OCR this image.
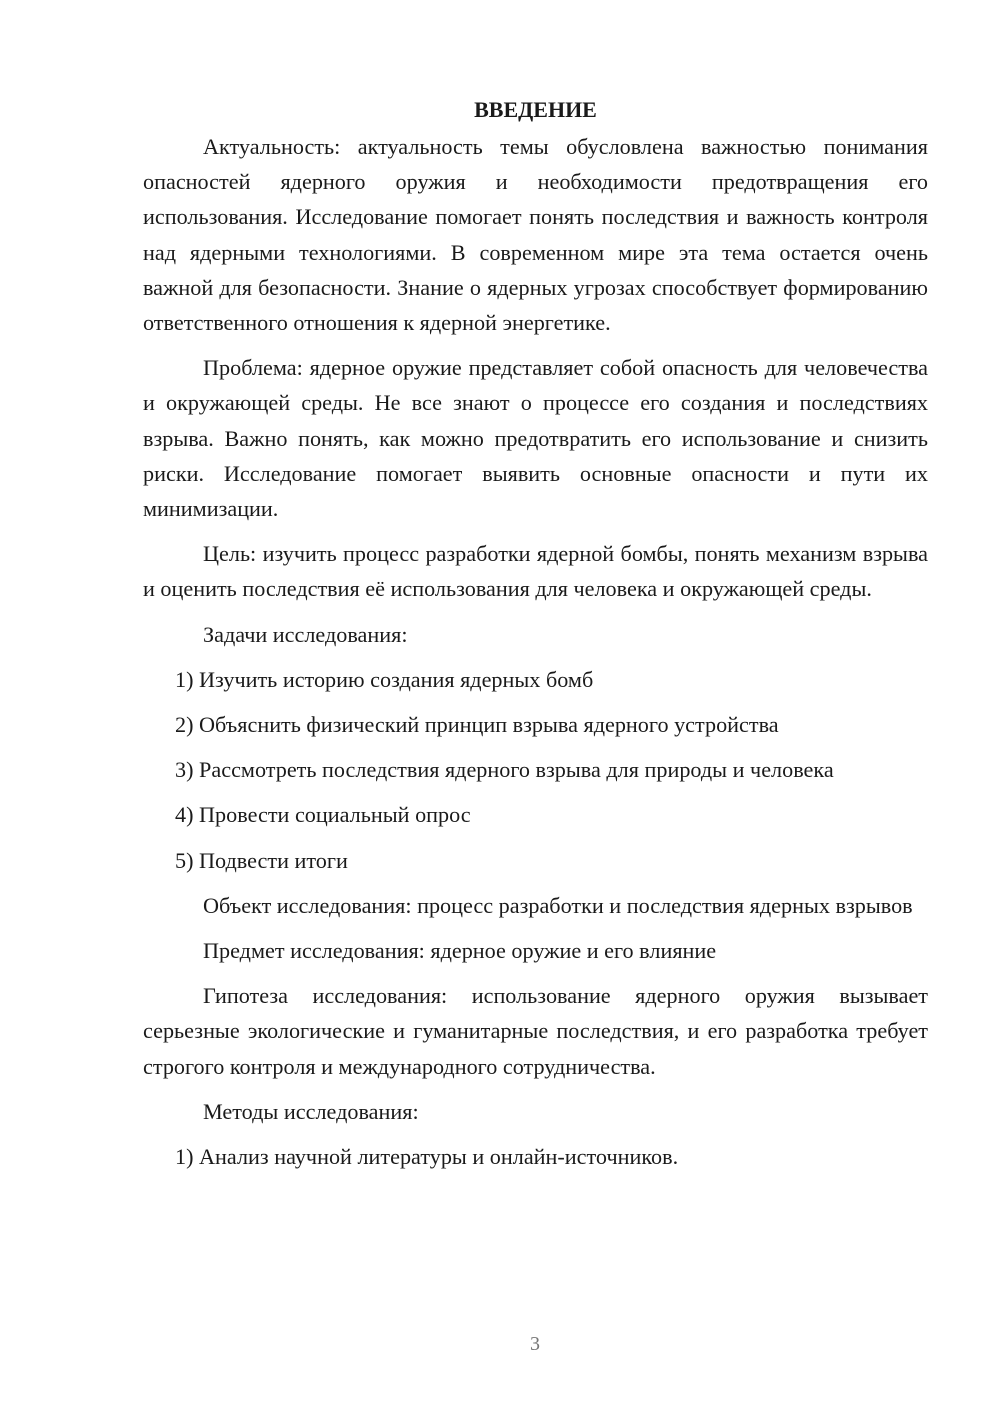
ВВЕДЕНИЕ

Актуальность: актуальность темы обусловлена важностью понимания опасностей ядерного оружия и необходимости предотвращения его использования. Исследование помогает понять последствия и важность контроля над ядерными технологиями. В современном мире эта тема остается очень важной для безопасности. Знание о ядерных угрозах способствует формированию ответственного отношения к ядерной энергетике.

Проблема: ядерное оружие представляет собой опасность для человечества и окружающей среды. Не все знают о процессе его создания и последствиях взрыва. Важно понять, как можно предотвратить его использование и снизить риски. Исследование помогает выявить основные опасности и пути их минимизации.

Цель: изучить процесс разработки ядерной бомбы, понять механизм взрыва и оценить последствия её использования для человека и окружающей среды.

Задачи исследования:

1) Изучить историю создания ядерных бомб
2) Объяснить физический принцип взрыва ядерного устройства
3) Рассмотреть последствия ядерного взрыва для природы и человека
4) Провести социальный опрос
5) Подвести итоги

Объект исследования: процесс разработки и последствия ядерных взрывов

Предмет исследования: ядерное оружие и его влияние

Гипотеза исследования: использование ядерного оружия вызывает серьезные экологические и гуманитарные последствия, и его разработка требует строгого контроля и международного сотрудничества.

Методы исследования:

1) Анализ научной литературы и онлайн-источников.
3
